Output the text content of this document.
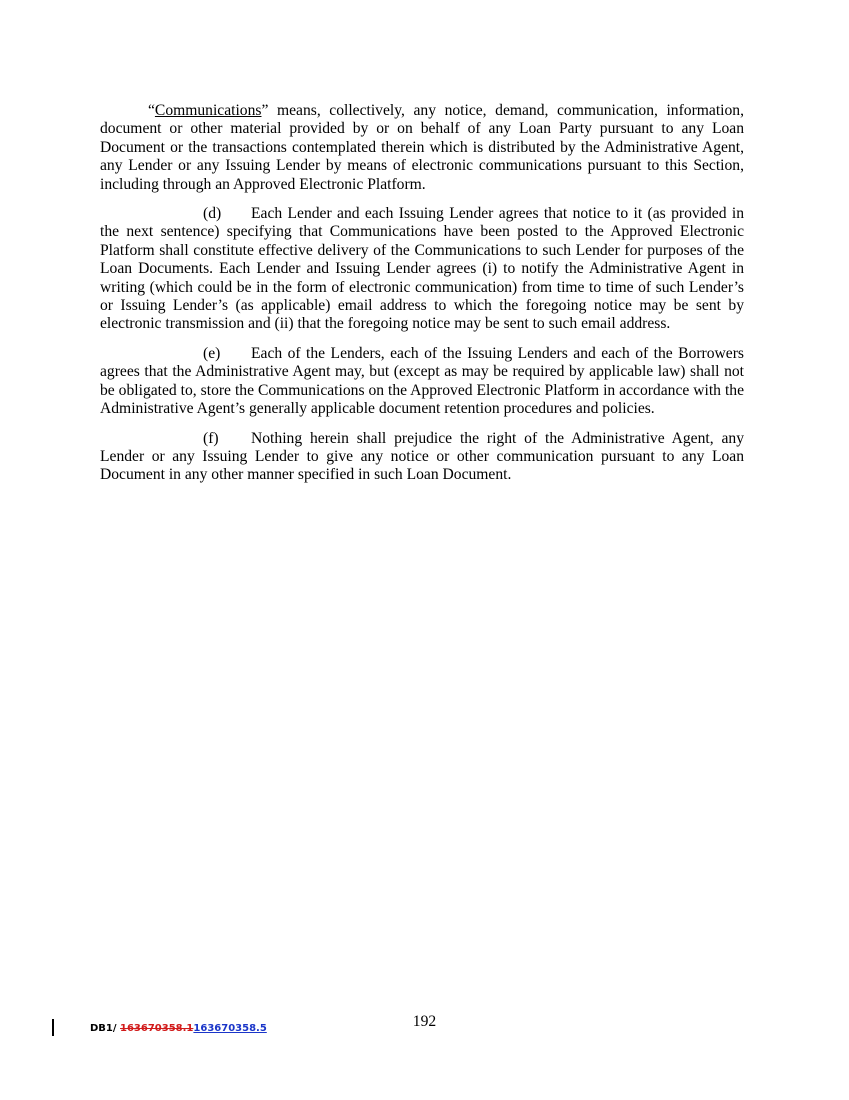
“Communications” means, collectively, any notice, demand, communication, information, document or other material provided by or on behalf of any Loan Party pursuant to any Loan Document or the transactions contemplated therein which is distributed by the Administrative Agent, any Lender or any Issuing Lender by means of electronic communications pursuant to this Section, including through an Approved Electronic Platform.

(d) Each Lender and each Issuing Lender agrees that notice to it (as provided in the next sentence) specifying that Communications have been posted to the Approved Electronic Platform shall constitute effective delivery of the Communications to such Lender for purposes of the Loan Documents. Each Lender and Issuing Lender agrees (i) to notify the Administrative Agent in writing (which could be in the form of electronic communication) from time to time of such Lender’s or Issuing Lender’s (as applicable) email address to which the foregoing notice may be sent by electronic transmission and (ii) that the foregoing notice may be sent to such email address.

(e) Each of the Lenders, each of the Issuing Lenders and each of the Borrowers agrees that the Administrative Agent may, but (except as may be required by applicable law) shall not be obligated to, store the Communications on the Approved Electronic Platform in accordance with the Administrative Agent’s generally applicable document retention procedures and policies.

(f) Nothing herein shall prejudice the right of the Administrative Agent, any Lender or any Issuing Lender to give any notice or other communication pursuant to any Loan Document in any other manner specified in such Loan Document.

DB1/ 163670358.1163670358.5	192
